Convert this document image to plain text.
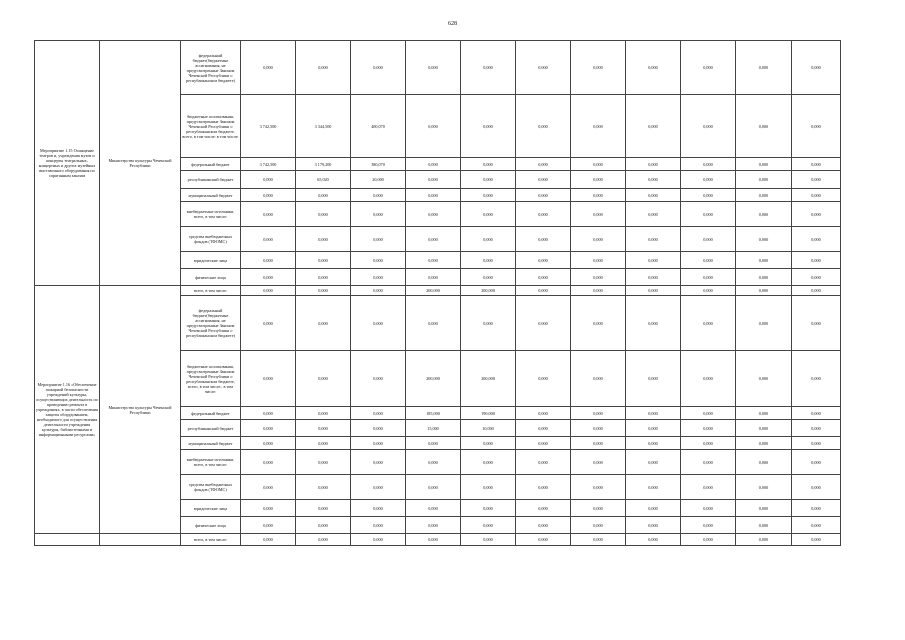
628
Мероприятие 1.15 Оснащение театров и, учреждения музеи и концерты театральных, концертных и других музейных выставочного оборудования по спрятанным заказам	Министерство культуры Чеченской Республики	федеральный бюджет(бюджетные ассигнования, не предусмотренные Законом Чеченской Республики о республиканском бюджете)	0,000	0,000	0,000	0,000	0,000	0,000	0,000	0,000	0,000	0,000	0,000
		бюджетные ассигнования, предусмотренные Законом Чеченской Республики о республиканском бюджете, всего, в том числе: в том числе:	3 742,500	3 344,500	400,070	0,000	0,000	0,000	0,000	0,000	0,000	0,000	0,000
		федеральный бюджет	3 742,500	3 179,200	380,070	0,000	0,000	0,000	0,000	0,000	0,000	0,000	0,000
		республиканский бюджет	0,000	65,020	20,000	0,000	0,000	0,000	0,000	0,000	0,000	0,000	0,000
		муниципальный бюджет	0,000	0,000	0,000	0,000	0,000	0,000	0,000	0,000	0,000	0,000	0,000
		внебюджетные источники, всего, в том числе:	0,000	0,000	0,000	0,000	0,000	0,000	0,000	0,000	0,000	0,000	0,000
		средства внебюджетных фондов (ТФОМС)	0,000	0,000	0,000	0,000	0,000	0,000	0,000	0,000	0,000	0,000	0,000
		юридические лица	0,000	0,000	0,000	0,000	0,000	0,000	0,000	0,000	0,000	0,000	0,000
		физические лица	0,000	0,000	0,000	0,000	0,000	0,000	0,000	0,000	0,000	0,000	0,000
Мероприятие 1.16 «Обеспечение пожарной безопасности учреждений культуры, осуществляющих деятельность по проведению ремонта в учреждениях, в части обеспечения защиты оборудованием, необходимого для осуществления деятельности учреждения культуры, библиотечными и информационными ресурсами»	Министерство культуры Чеченской Республики	всего, в том числе:	0,000	0,000	0,000	200,000	200,000	0,000	0,000	0,000	0,000	0,000	0,000
		федеральный бюджет(бюджетные ассигнования, не предусмотренные Законом Чеченской Республики о республиканском бюджете)	0,000	0,000	0,000	0,000	0,000	0,000	0,000	0,000	0,000	0,000	0,000
		бюджетные ассигнования, предусмотренные Законом Чеченской Республики о республиканском бюджете, всего, в том числе:, в том числе:	0,000	0,000	0,000	200,000	200,000	0,000	0,000	0,000	0,000	0,000	0,000
		федеральный бюджет	0,000	0,000	0,000	185,000	190,000	0,000	0,000	0,000	0,000	0,000	0,000
		республиканский бюджет	0,000	0,000	0,000	15,000	10,000	0,000	0,000	0,000	0,000	0,000	0,000
		муниципальный бюджет	0,000	0,000	0,000	0,000	0,000	0,000	0,000	0,000	0,000	0,000	0,000
		внебюджетные источники, всего, в том числе:	0,000	0,000	0,000	0,000	0,000	0,000	0,000	0,000	0,000	0,000	0,000
		средства внебюджетных фондов (ТФОМС)	0,000	0,000	0,000	0,000	0,000	0,000	0,000	0,000	0,000	0,000	0,000
		юридические лица	0,000	0,000	0,000	0,000	0,000	0,000	0,000	0,000	0,000	0,000	0,000
		физические лица	0,000	0,000	0,000	0,000	0,000	0,000	0,000	0,000	0,000	0,000	0,000
		всего, в том числе:	0,000	0,000	0,000	0,000	0,000	0,000	0,000	0,000	0,000	0,000	0,000
